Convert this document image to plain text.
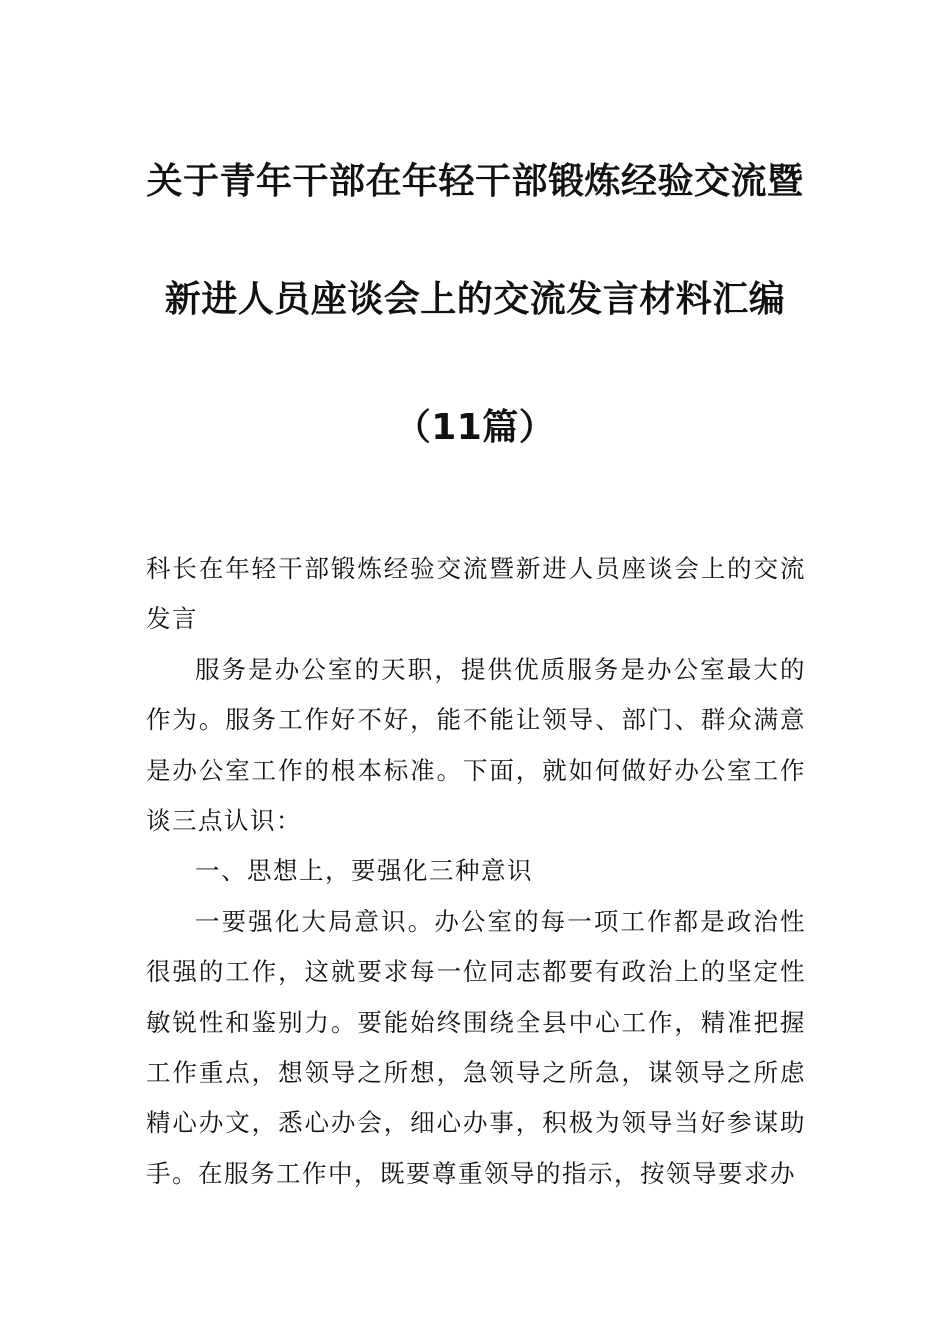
关于青年干部在年轻干部锻炼经验交流暨
新进人员座谈会上的交流发言材料汇编
（11篇）

科长在年轻干部锻炼经验交流暨新进人员座谈会上的交流发言

服务是办公室的天职，提供优质服务是办公室最大的作为。服务工作好不好，能不能让领导、部门、群众满意是办公室工作的根本标准。下面，就如何做好办公室工作谈三点认识：

一、思想上，要强化三种意识

一要强化大局意识。办公室的每一项工作都是政治性很强的工作，这就要求每一位同志都要有政治上的坚定性敏锐性和鉴别力。要能始终围绕全县中心工作，精准把握工作重点，想领导之所想，急领导之所急，谋领导之所虑精心办文，悉心办会，细心办事，积极为领导当好参谋助手。在服务工作中，既要尊重领导的指示，按领导要求办
